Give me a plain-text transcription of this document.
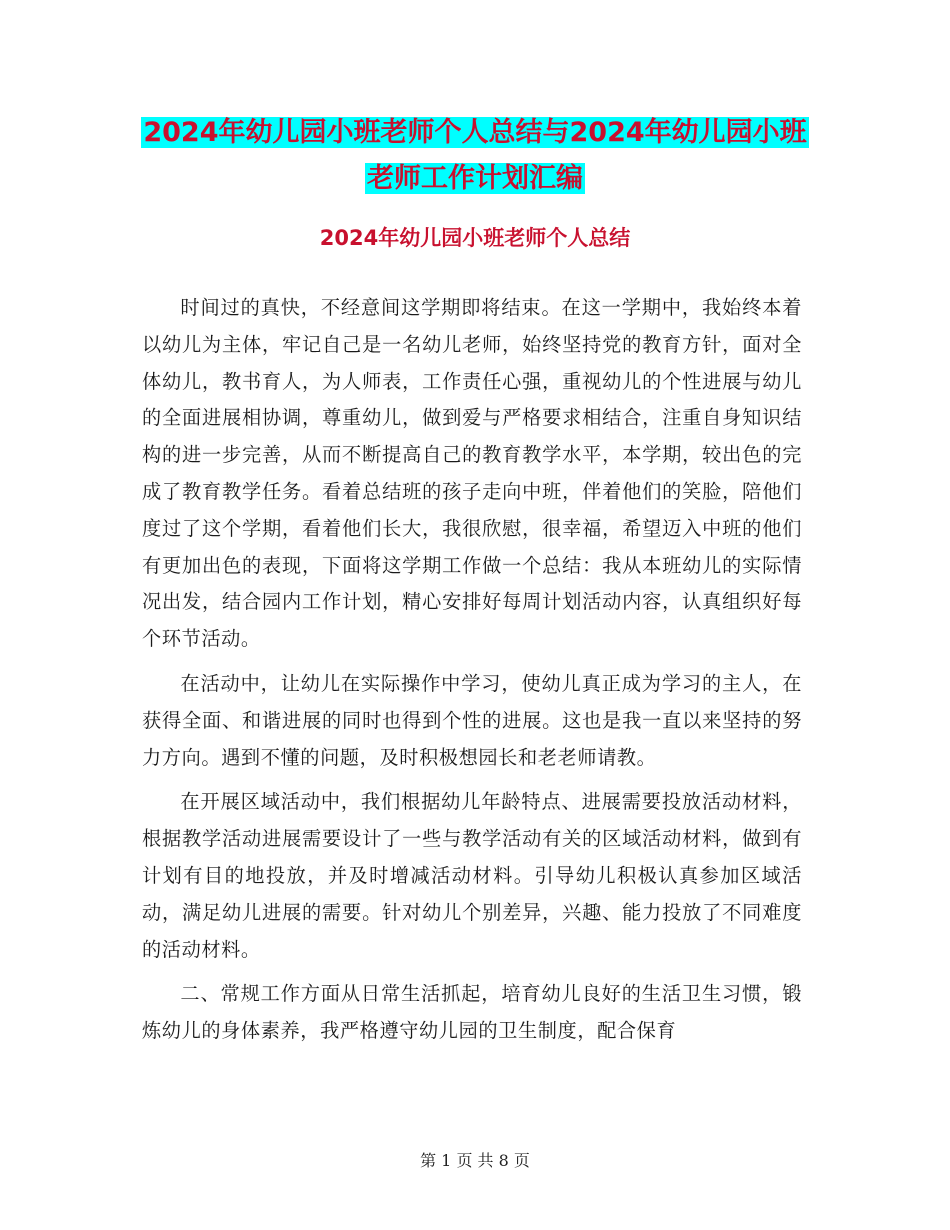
2024年幼儿园小班老师个人总结与2024年幼儿园小班
老师工作计划汇编
2024年幼儿园小班老师个人总结

时间过的真快，不经意间这学期即将结束。在这一学期中，我始终本着以幼儿为主体，牢记自己是一名幼儿老师，始终坚持党的教育方针，面对全体幼儿，教书育人，为人师表，工作责任心强，重视幼儿的个性进展与幼儿的全面进展相协调，尊重幼儿，做到爱与严格要求相结合，注重自身知识结构的进一步完善，从而不断提高自己的教育教学水平，本学期，较出色的完成了教育教学任务。看着总结班的孩子走向中班，伴着他们的笑脸，陪他们度过了这个学期，看着他们长大，我很欣慰，很幸福，希望迈入中班的他们有更加出色的表现，下面将这学期工作做一个总结：我从本班幼儿的实际情况出发，结合园内工作计划，精心安排好每周计划活动内容，认真组织好每个环节活动。

在活动中，让幼儿在实际操作中学习，使幼儿真正成为学习的主人，在获得全面、和谐进展的同时也得到个性的进展。这也是我一直以来坚持的努力方向。遇到不懂的问题，及时积极想园长和老老师请教。

在开展区域活动中，我们根据幼儿年龄特点、进展需要投放活动材料，根据教学活动进展需要设计了一些与教学活动有关的区域活动材料，做到有计划有目的地投放，并及时增减活动材料。引导幼儿积极认真参加区域活动，满足幼儿进展的需要。针对幼儿个别差异，兴趣、能力投放了不同难度的活动材料。

二、常规工作方面从日常生活抓起，培育幼儿良好的生活卫生习惯，锻炼幼儿的身体素养，我严格遵守幼儿园的卫生制度，配合保育

第 1 页 共 8 页
